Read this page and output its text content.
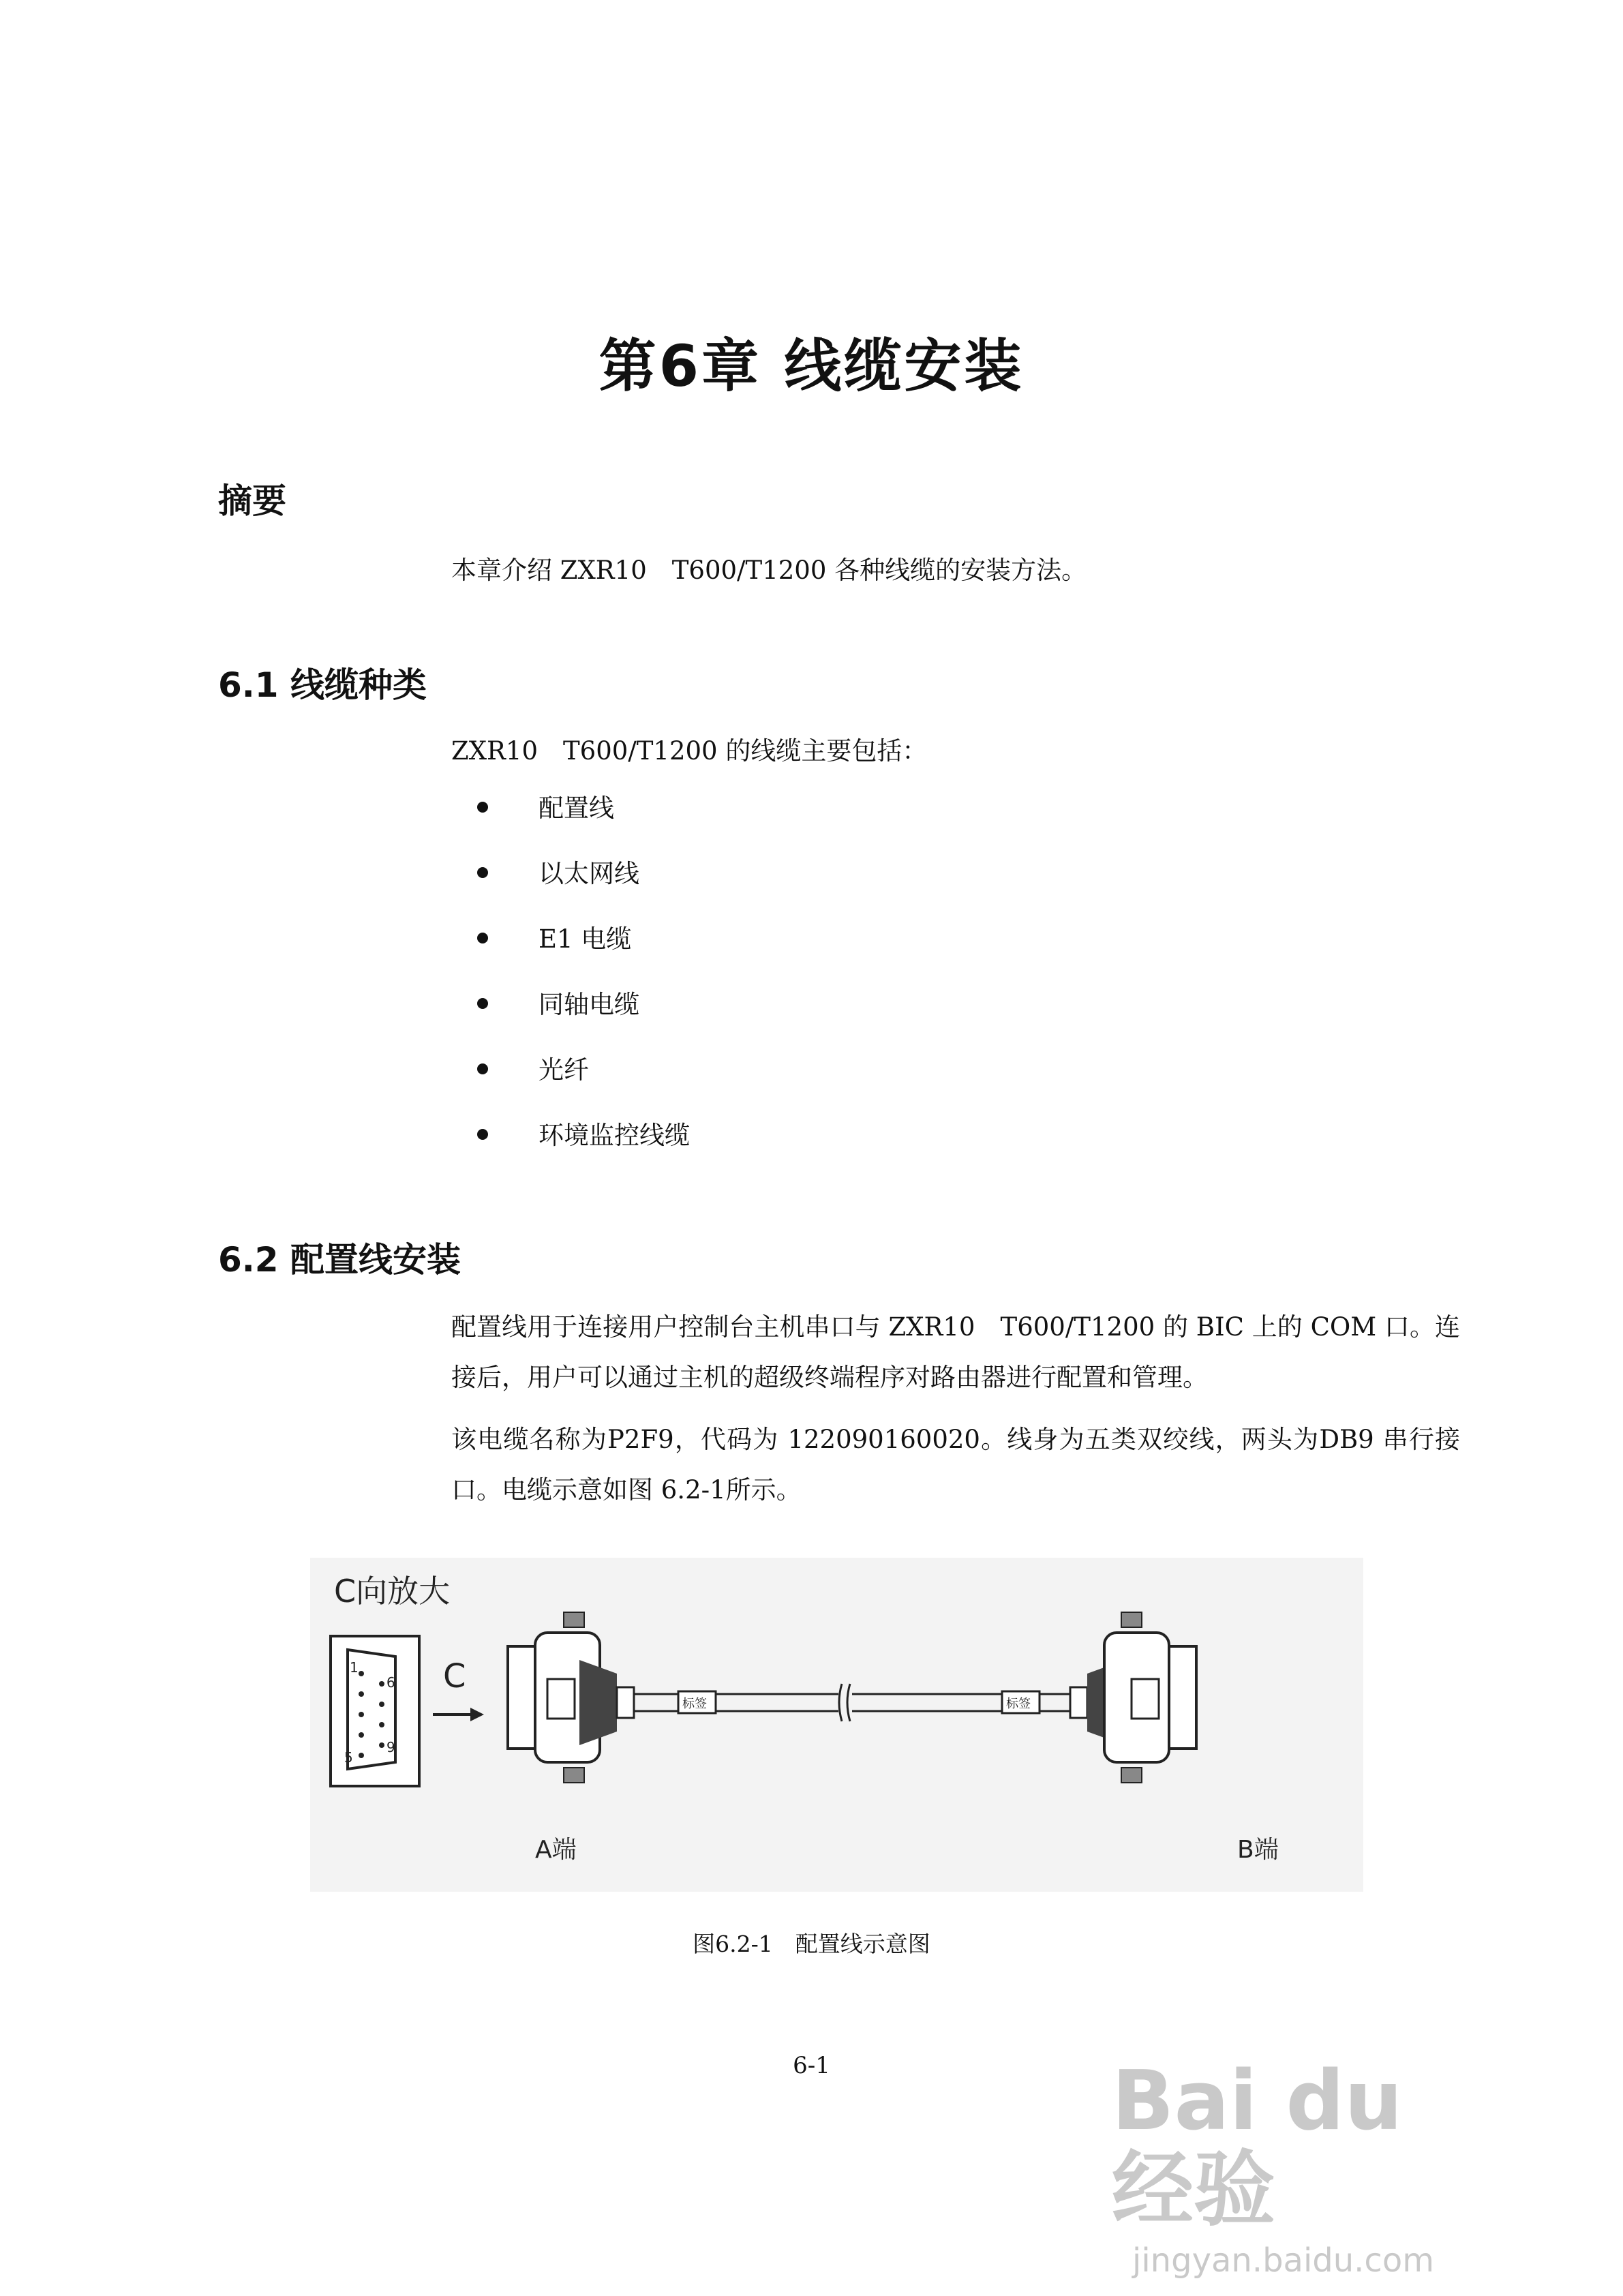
第6章 线缆安装
摘要

本章介绍 ZXR10　T600/T1200 各种线缆的安装方法。

6.1 线缆种类

ZXR10　T600/T1200 的线缆主要包括：

配置线
以太网线
E1 电缆
同轴电缆
光纤
环境监控线缆
6.2 配置线安装

配置线用于连接用户控制台主机串口与 ZXR10　T600/T1200 的 BIC 上的 COM 口。连接后，用户可以通过主机的超级终端程序对路由器进行配置和管理。

该电缆名称为P2F9，代码为 122090160020。线身为五类双绞线，两头为DB9 串行接口。电缆示意如图 6.2-1所示。

C向放大
1
6
5
9
C
标签	标签
A端	B端
图6.2-1　配置线示意图
6-1	Bai du 经验
jingyan.baidu.com
